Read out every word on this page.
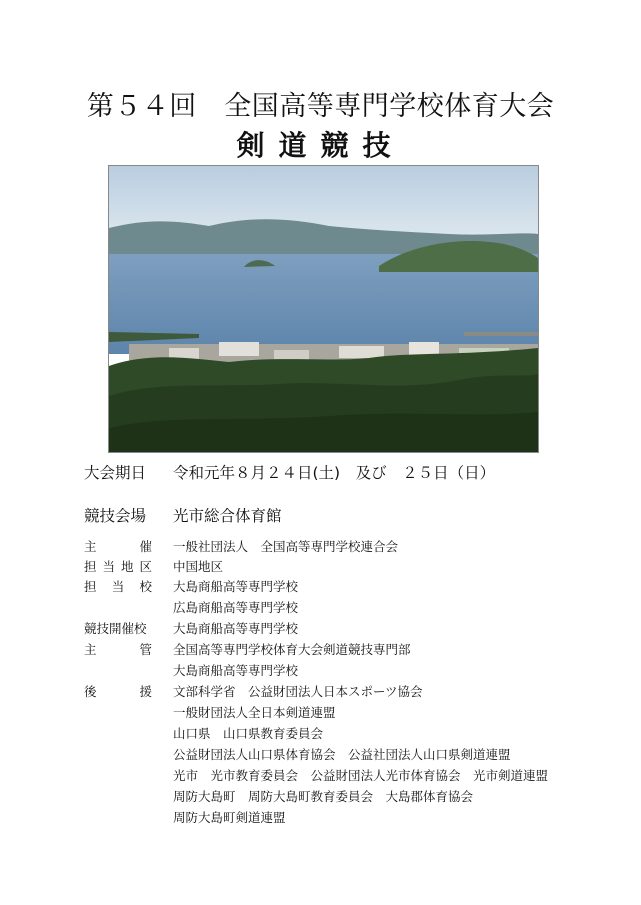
第５４回　全国高等専門学校体育大会
剣道競技
大会期日 令和元年８月２４日(土)　及び　２５日（日）
競技会場 光市総合体育館
主　　催 一般社団法人　全国高等専門学校連合会
担当地区 中国地区
担 当 校 大島商船高等専門学校
広島商船高等専門学校
競技開催校 大島商船高等専門学校
主　　管 全国高等専門学校体育大会剣道競技専門部
大島商船高等専門学校
後　　援 文部科学省　公益財団法人日本スポーツ協会
一般財団法人全日本剣道連盟
山口県　山口県教育委員会
公益財団法人山口県体育協会　公益社団法人山口県剣道連盟
光市　光市教育委員会　公益財団法人光市体育協会　光市剣道連盟
周防大島町　周防大島町教育委員会　大島郡体育協会
周防大島町剣道連盟
